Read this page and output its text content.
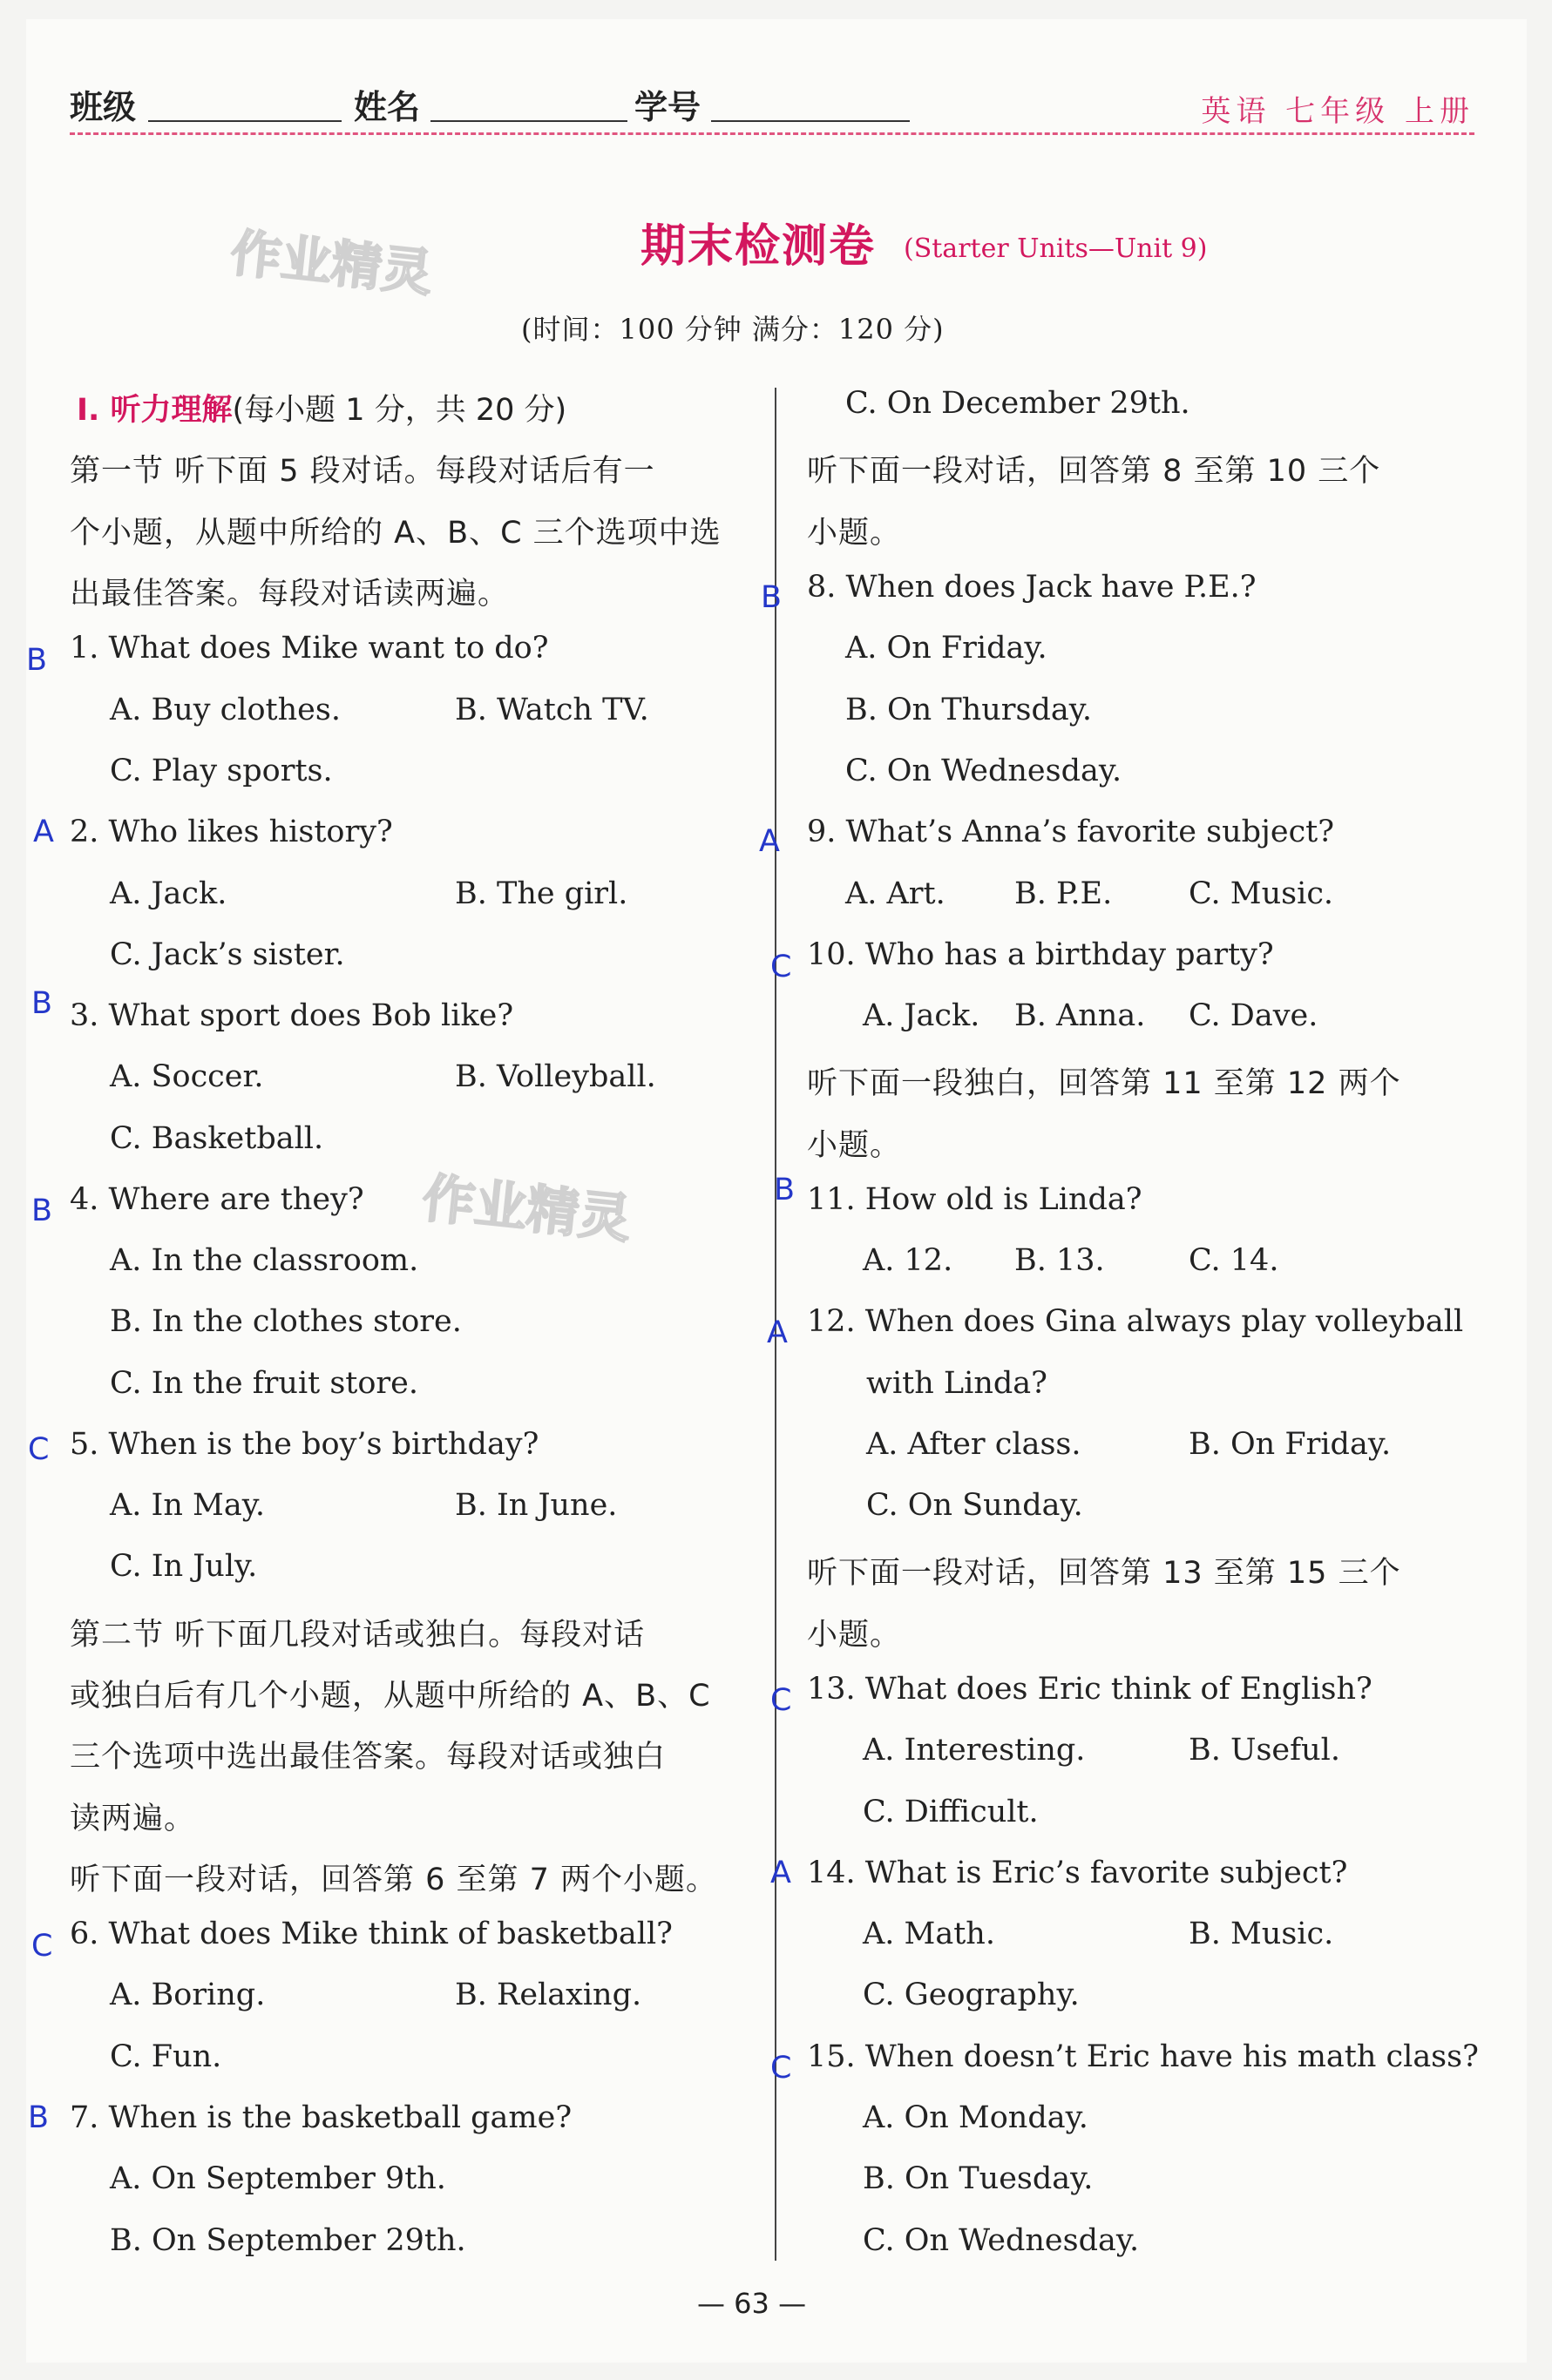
班级	姓名	学号	英语 七年级 上册
作业精灵
作业精灵
期末检测卷 (Starter Units—Unit 9)
(时间：100 分钟 满分：120 分)
Ⅰ. 听力理解(每小题 1 分，共 20 分)
第一节 听下面 5 段对话。每段对话后有一
个小题，从题中所给的 A、B、C 三个选项中选
出最佳答案。每段对话读两遍。
B 1. What does Mike want to do?
A. Buy clothes.	B. Watch TV.
C. Play sports.
A 2. Who likes history?
A. Jack.	B. The girl.
C. Jack’s sister.
B 3. What sport does Bob like?
A. Soccer.	B. Volleyball.
C. Basketball.
B 4. Where are they?
A. In the classroom.
B. In the clothes store.
C. In the fruit store.
C 5. When is the boy’s birthday?
A. In May.	B. In June.
C. In July.
第二节 听下面几段对话或独白。每段对话
或独白后有几个小题，从题中所给的 A、B、C
三个选项中选出最佳答案。每段对话或独白
读两遍。
听下面一段对话，回答第 6 至第 7 两个小题。
C 6. What does Mike think of basketball?
A. Boring.	B. Relaxing.
C. Fun.
B 7. When is the basketball game?
A. On September 9th.
B. On September 29th.
C. On December 29th.
听下面一段对话，回答第 8 至第 10 三个
小题。
B 8. When does Jack have P.E.?
A. On Friday.
B. On Thursday.
C. On Wednesday.
A 9. What’s Anna’s favorite subject?
A. Art. B. P.E.	C. Music.
C 10. Who has a birthday party?
A. Jack. B. Anna. C. Dave.
听下面一段独白，回答第 11 至第 12 两个
小题。
B 11. How old is Linda?
A. 12. B. 13.	C. 14.
A 12. When does Gina always play volleyball
with Linda?
A. After class.	B. On Friday.
C. On Sunday.
听下面一段对话，回答第 13 至第 15 三个
小题。
C 13. What does Eric think of English?
A. Interesting.	B. Useful.
C. Difficult.
A 14. What is Eric’s favorite subject?
A. Math.	B. Music.
C. Geography.
C 15. When doesn’t Eric have his math class?
A. On Monday.
B. On Tuesday.
C. On Wednesday.
— 63 —
